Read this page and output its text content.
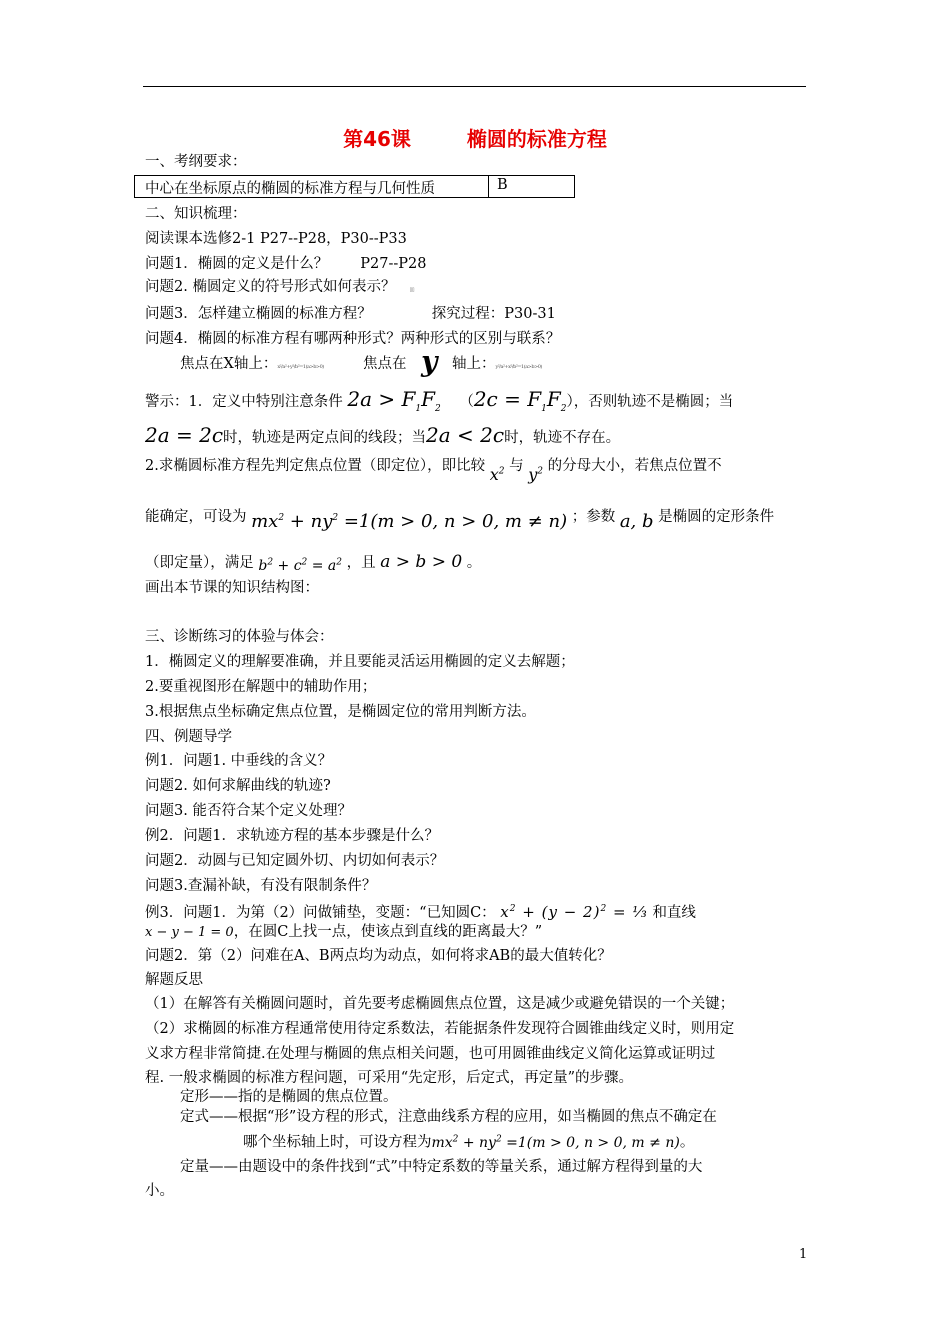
第46课	椭圆的标准方程
一、考纲要求：
中心在坐标原点的椭圆的标准方程与几何性质	B
二、知识梳理：
阅读课本选修2-1 P27--P28，P30--P33
问题1．椭圆的定义是什么？ P27--P28
问题2. 椭圆定义的符号形式如何表示？	▯▯
问题3．怎样建立椭圆的标准方程？	探究过程：P30-31
问题4．椭圆的标准方程有哪两种形式？两种形式的区别与联系？
焦点在X轴上：x²/a²+y²/b²=1(a>b>0)	焦点在 y 轴上：y²/a²+x²/b²=1(a>b>0)
警示：1．定义中特别注意条件 $2a > F_1F_2$ $(2c = F_1F_2)$，否则轨迹不是椭圆；当
2a = 2c时，轨迹是两定点间的线段；当2a < 2c时，轨迹不存在。
2.求椭圆标准方程先判定焦点位置（即定位），即比较 $x^2$ 与 $y^2$ 的分母大小，若焦点位置不
能确定，可设为 $mx^2 + ny^2 =1(m > 0$, n > 0, m ≠ n) ；参数 a, b 是椭圆的定形条件
（即定量），满足 $b^2 + c^2 = a^2$ ，且 a > b > 0 。
画出本节课的知识结构图：
三、诊断练习的体验与体会：
1．椭圆定义的理解要准确，并且要能灵活运用椭圆的定义去解题；
2.要重视图形在解题中的辅助作用；
3.根据焦点坐标确定焦点位置，是椭圆定位的常用判断方法。
四、例题导学
例1．问题1. 中垂线的含义？
问题2. 如何求解曲线的轨迹?
问题3. 能否符合某个定义处理？
例2．问题1．求轨迹方程的基本步骤是什么？
问题2．动圆与已知定圆外切、内切如何表示？
问题3.查漏补缺，有没有限制条件？
例3．问题1．为第（2）问做铺垫，变题：“已知圆C： $x^2 + (y - 2)^2$ = ⅓ 和直线
x − y − 1 = 0，在圆C上找一点，使该点到直线的距离最大？”
问题2．第（2）问难在A、B两点均为动点，如何将求AB的最大值转化？
解题反思
（1）在解答有关椭圆问题时，首先要考虑椭圆焦点位置，这是减少或避免错误的一个关键；
（2）求椭圆的标准方程通常使用待定系数法，若能据条件发现符合圆锥曲线定义时，则用定
义求方程非常简捷.在处理与椭圆的焦点相关问题，也可用圆锥曲线定义简化运算或证明过
程. 一般求椭圆的标准方程问题，可采用“先定形，后定式，再定量”的步骤。
定形——指的是椭圆的焦点位置。
定式——根据“形”设方程的形式，注意曲线系方程的应用，如当椭圆的焦点不确定在
哪个坐标轴上时，可设方程为$mx^2 + ny^2 =1(m > 0$, n > 0, m ≠ n)。
定量——由题设中的条件找到“式”中特定系数的等量关系，通过解方程得到量的大
小。
1
